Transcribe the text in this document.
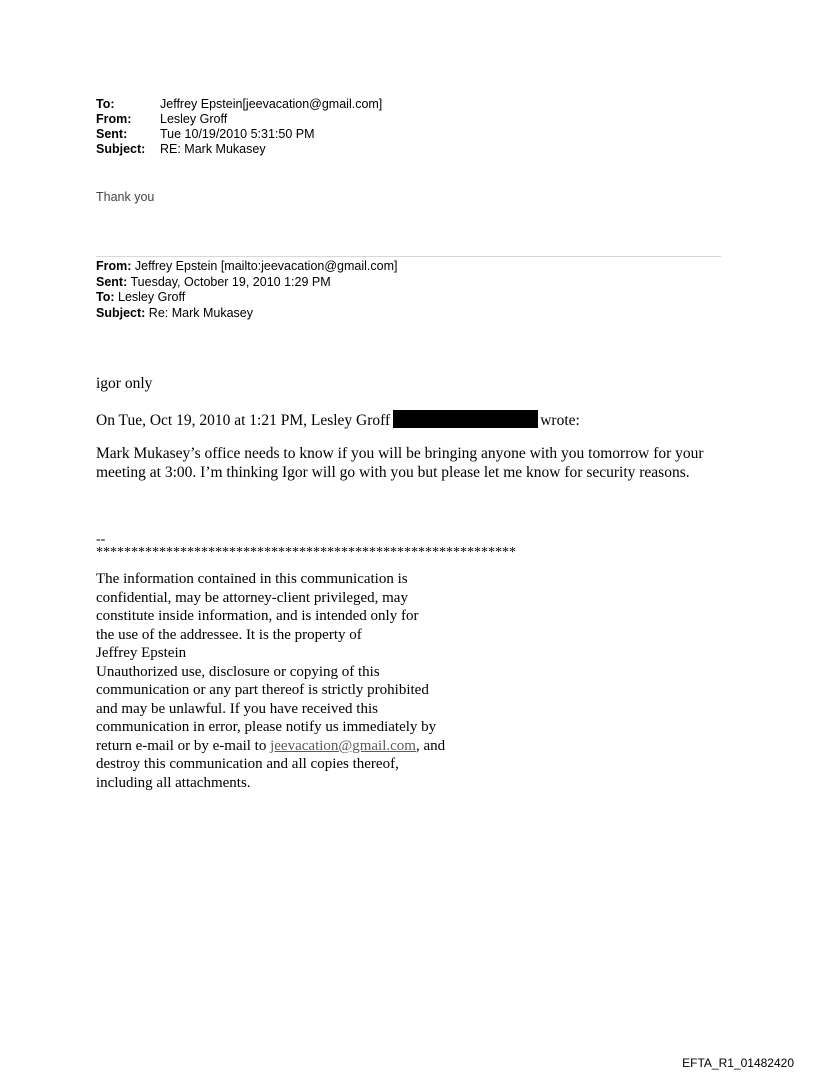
To:	Jeffrey Epstein[jeevacation@gmail.com]
From:	Lesley Groff
Sent:	Tue 10/19/2010 5:31:50 PM
Subject:	RE: Mark Mukasey
Thank you
From: Jeffrey Epstein [mailto:jeevacation@gmail.com]
Sent: Tuesday, October 19, 2010 1:29 PM
To: Lesley Groff
Subject: Re: Mark Mukasey
igor only
On Tue, Oct 19, 2010 at 1:21 PM, Lesley Groff	wrote:
Mark Mukasey’s office needs to know if you will be bringing anyone with you tomorrow for your meeting at 3:00. I’m thinking Igor will go with you but please let me know for security reasons.
--
************************************************************
The information contained in this communication is
confidential, may be attorney-client privileged, may
constitute inside information, and is intended only for
the use of the addressee. It is the property of
Jeffrey Epstein
Unauthorized use, disclosure or copying of this
communication or any part thereof is strictly prohibited
and may be unlawful. If you have received this
communication in error, please notify us immediately by
return e-mail or by e-mail to jeevacation@gmail.com, and
destroy this communication and all copies thereof,
including all attachments.
EFTA_R1_01482420
